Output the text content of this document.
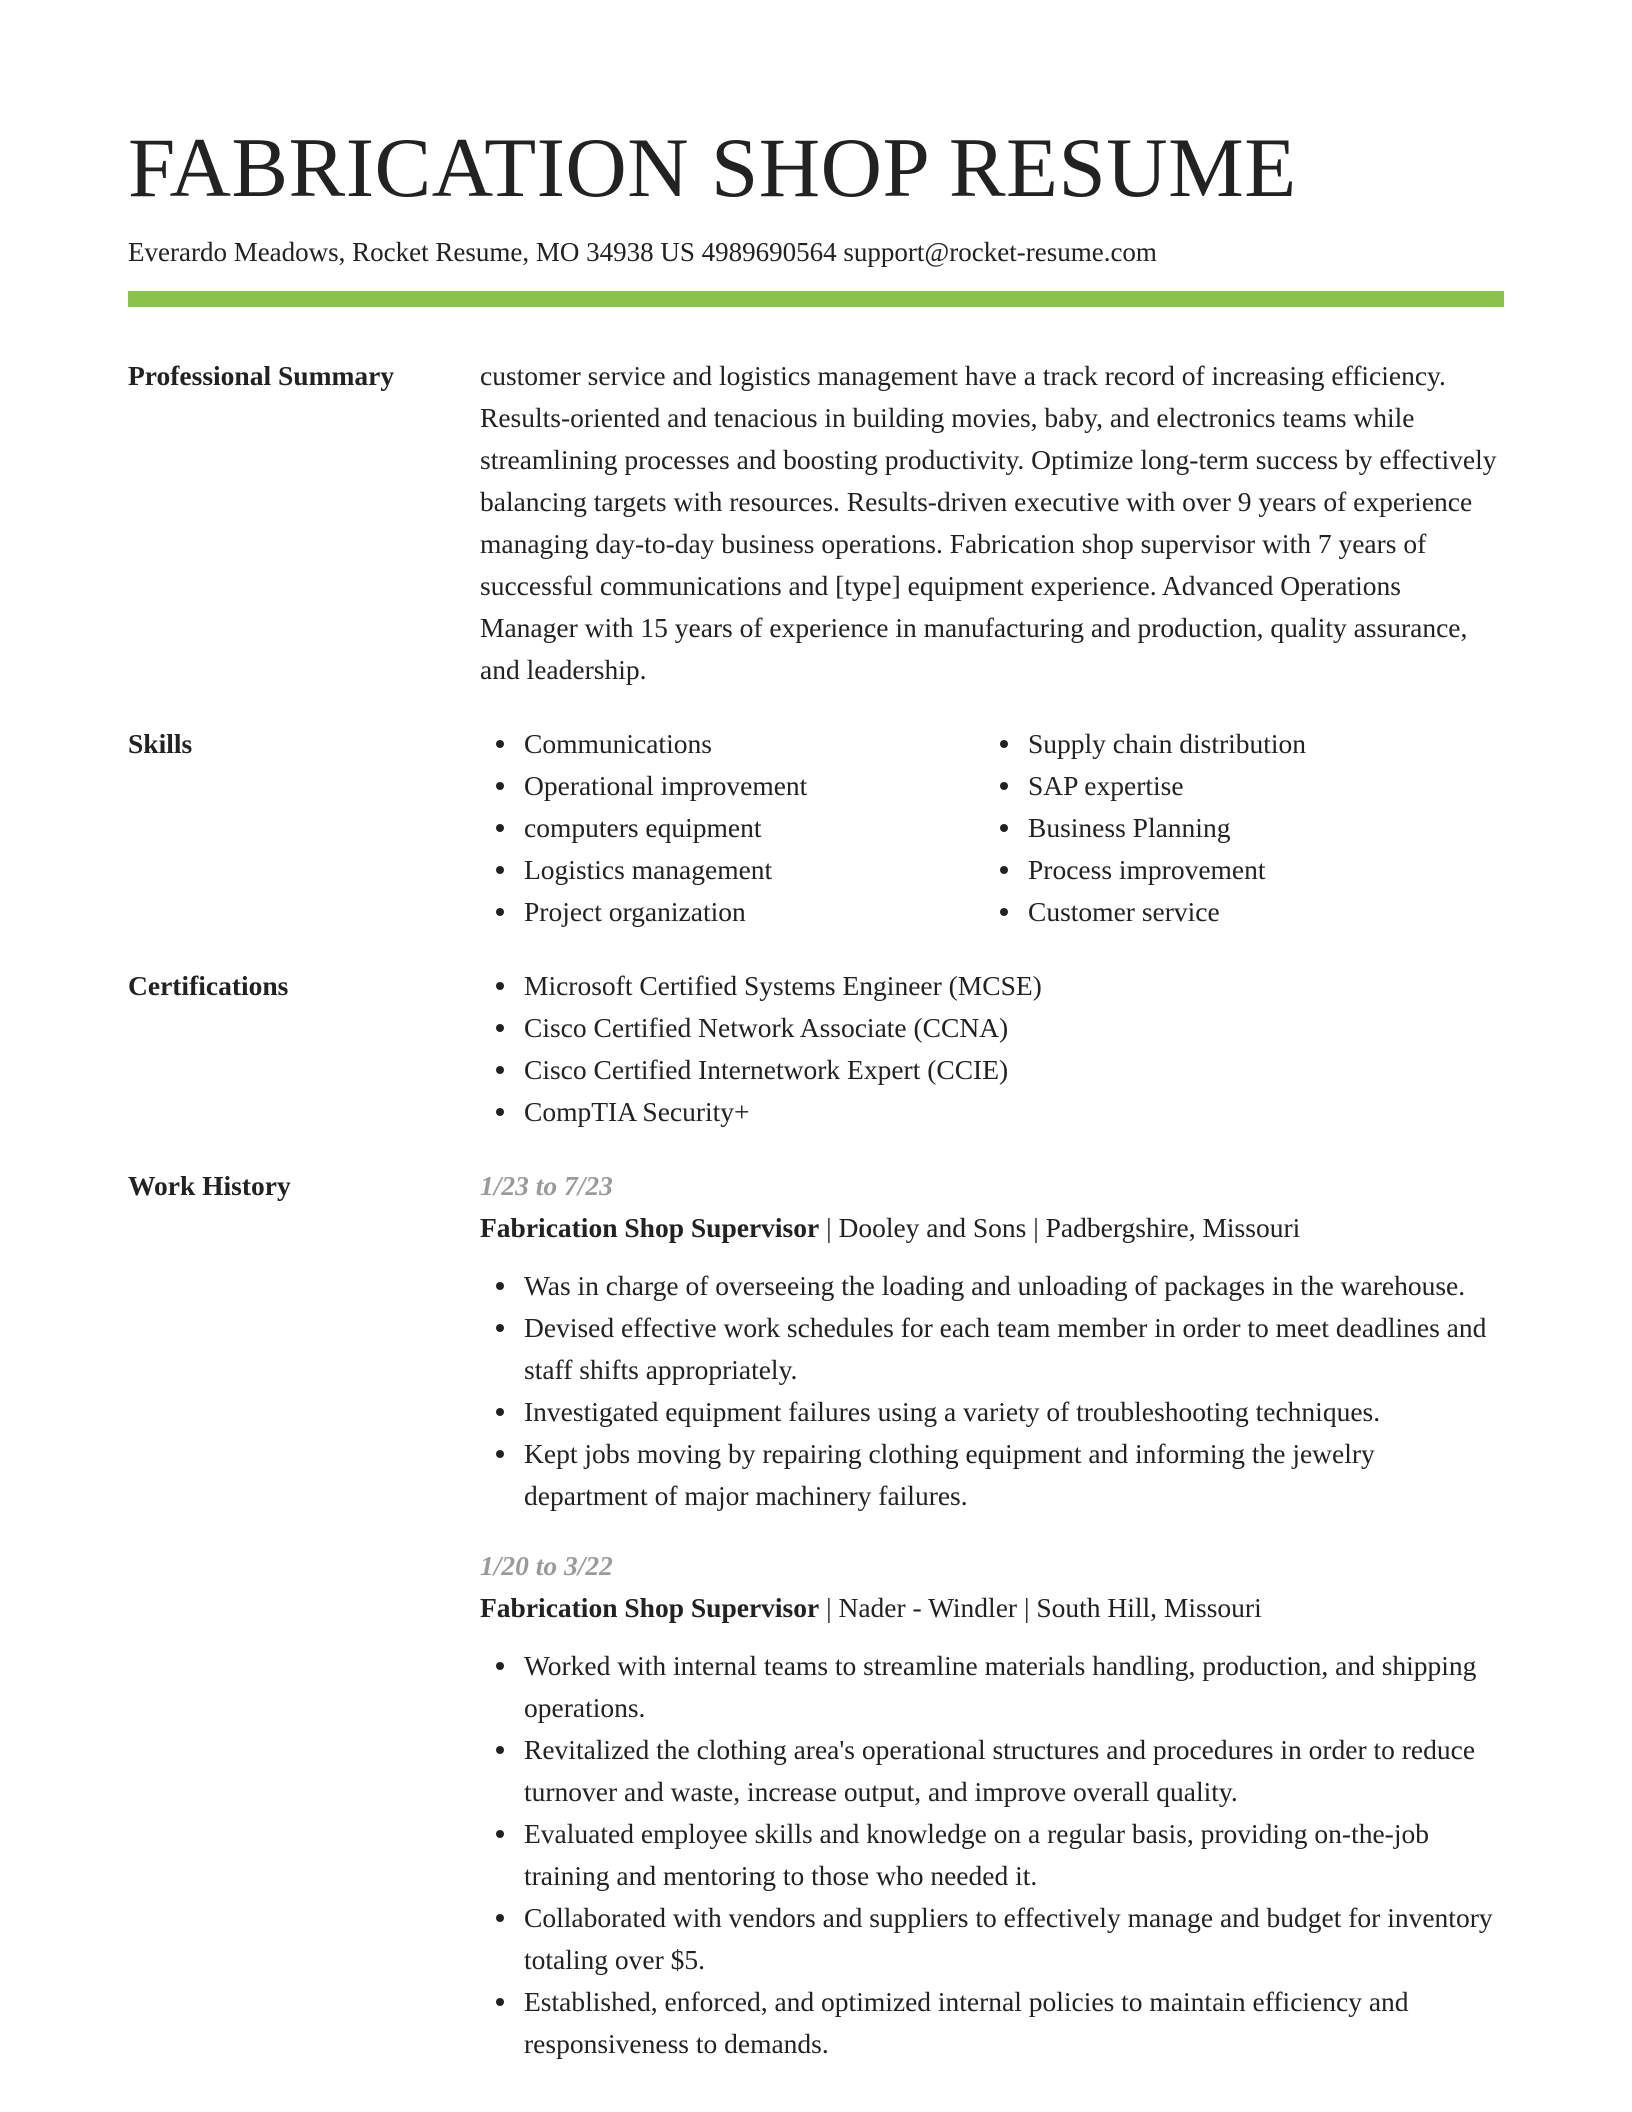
FABRICATION SHOP RESUME
Everardo Meadows, Rocket Resume, MO 34938 US 4989690564 support@rocket-resume.com
Professional Summary	customer service and logistics management have a track record of increasing efficiency. Results-oriented and tenacious in building movies, baby, and electronics teams while streamlining processes and boosting productivity. Optimize long-term success by effectively balancing targets with resources. Results-driven executive with over 9 years of experience managing day-to-day business operations. Fabrication shop supervisor with 7 years of successful communications and [type] equipment experience. Advanced Operations Manager with 15 years of experience in manufacturing and production, quality assurance, and leadership.
Skills	Communications
Operational improvement
computers equipment
Logistics management
Project organization
Supply chain distribution
SAP expertise
Business Planning
Process improvement
Customer service
Certifications	Microsoft Certified Systems Engineer (MCSE)
Cisco Certified Network Associate (CCNA)
Cisco Certified Internetwork Expert (CCIE)
CompTIA Security+
Work History	1/23 to 7/23
Fabrication Shop Supervisor | Dooley and Sons | Padbergshire, Missouri
Was in charge of overseeing the loading and unloading of packages in the warehouse.
Devised effective work schedules for each team member in order to meet deadlines and staff shifts appropriately.
Investigated equipment failures using a variety of troubleshooting techniques.
Kept jobs moving by repairing clothing equipment and informing the jewelry department of major machinery failures.
1/20 to 3/22
Fabrication Shop Supervisor | Nader - Windler | South Hill, Missouri
Worked with internal teams to streamline materials handling, production, and shipping operations.
Revitalized the clothing area's operational structures and procedures in order to reduce turnover and waste, increase output, and improve overall quality.
Evaluated employee skills and knowledge on a regular basis, providing on-the-job training and mentoring to those who needed it.
Collaborated with vendors and suppliers to effectively manage and budget for inventory totaling over $5.
Established, enforced, and optimized internal policies to maintain efficiency and responsiveness to demands.
